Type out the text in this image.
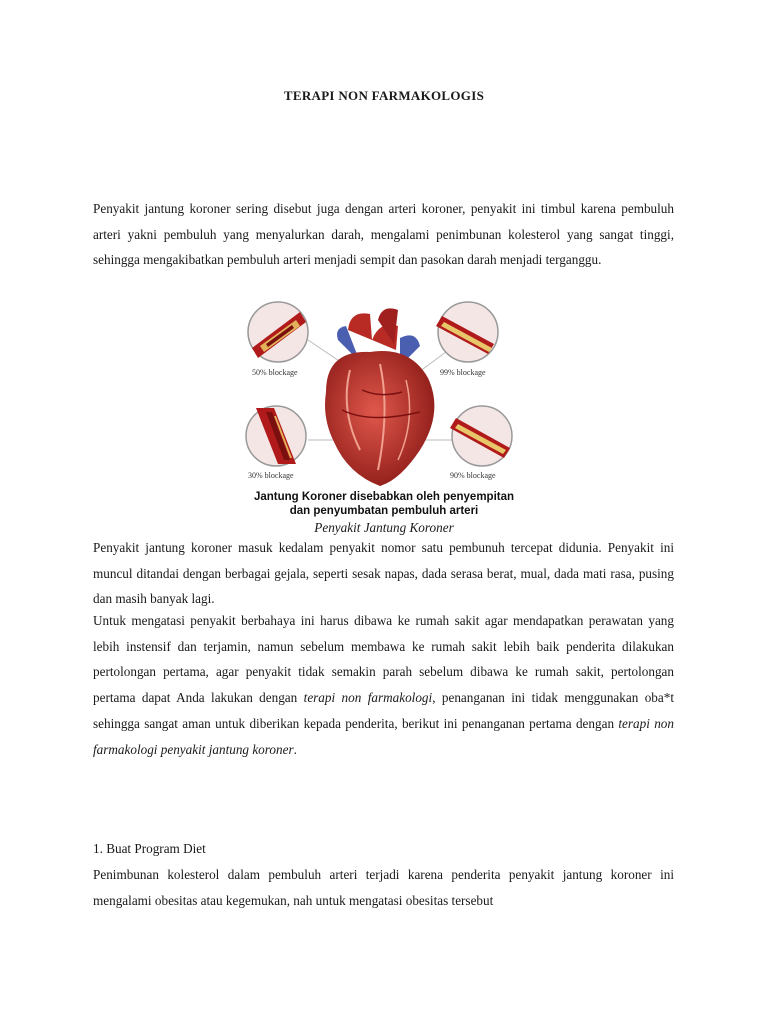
TERAPI NON FARMAKOLOGIS

Penyakit jantung koroner sering disebut juga dengan arteri koroner, penyakit ini timbul karena pembuluh arteri yakni pembuluh yang menyalurkan darah, mengalami penimbunan kolesterol yang sangat tinggi, sehingga mengakibatkan pembuluh arteri menjadi sempit dan pasokan darah menjadi terganggu.

50% blockage	99% blockage
30% blockage	90% blockage
Jantung Koroner disebabkan oleh penyempitan
dan penyumbatan pembuluh arteri
Penyakit Jantung Koroner

Penyakit jantung koroner masuk kedalam penyakit nomor satu pembunuh tercepat didunia. Penyakit ini muncul ditandai dengan berbagai gejala, seperti sesak napas, dada serasa berat, mual, dada mati rasa, pusing dan masih banyak lagi.

Untuk mengatasi penyakit berbahaya ini harus dibawa ke rumah sakit agar mendapatkan perawatan yang lebih instensif dan terjamin, namun sebelum membawa ke rumah sakit lebih baik penderita dilakukan pertolongan pertama, agar penyakit tidak semakin parah sebelum dibawa ke rumah sakit, pertolongan pertama dapat Anda lakukan dengan terapi non farmakologi, penanganan ini tidak menggunakan oba*t sehingga sangat aman untuk diberikan kepada penderita, berikut ini penanganan pertama dengan terapi non farmakologi penyakit jantung koroner.

1. Buat Program Diet

Penimbunan kolesterol dalam pembuluh arteri terjadi karena penderita penyakit jantung koroner ini mengalami obesitas atau kegemukan, nah untuk mengatasi obesitas tersebut
